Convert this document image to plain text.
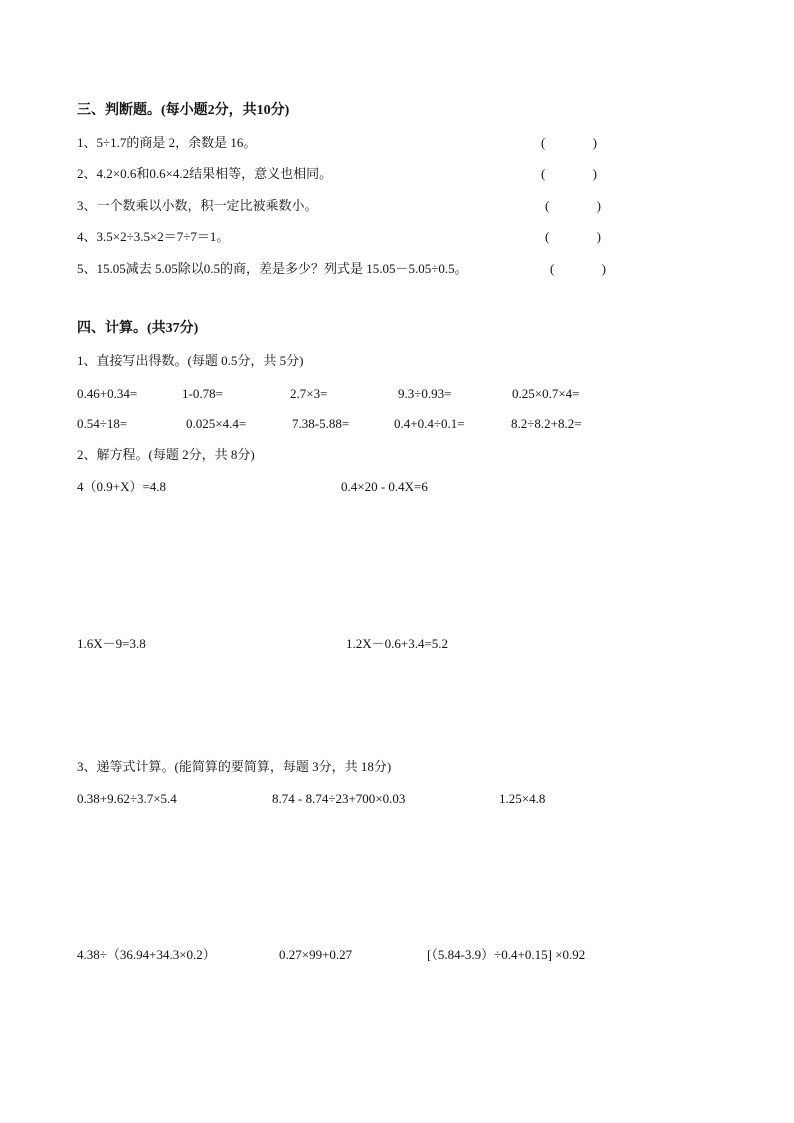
三、判断题。(每小题2分，共10分)
1、5÷1.7的商是 2，余数是 16。	(	)
2、4.2×0.6和0.6×4.2结果相等，意义也相同。	(	)
3、一个数乘以小数，积一定比被乘数小。	(	)
4、3.5×2÷3.5×2＝7÷7＝1。	(	)
5、15.05减去 5.05除以0.5的商，差是多少？列式是 15.05－5.05÷0.5。	(	)
四、计算。(共37分)
1、直接写出得数。(每题 0.5分，共 5分)
0.46+0.34=	1-0.78=	2.7×3=	9.3÷0.93=	0.25×0.7×4=
0.54÷18=	0.025×4.4=	7.38-5.88=	0.4+0.4÷0.1=	8.2÷8.2+8.2=
2、解方程。(每题 2分，共 8分)
4（0.9+X）=4.8	0.4×20 - 0.4X=6
1.6X－9=3.8	1.2X－0.6+3.4=5.2
3、递等式计算。(能简算的要简算，每题 3分，共 18分)
0.38+9.62÷3.7×5.4	8.74 - 8.74÷23+700×0.03	1.25×4.8
4.38÷（36.94+34.3×0.2）	0.27×99+0.27	[（5.84-3.9）÷0.4+0.15] ×0.92
